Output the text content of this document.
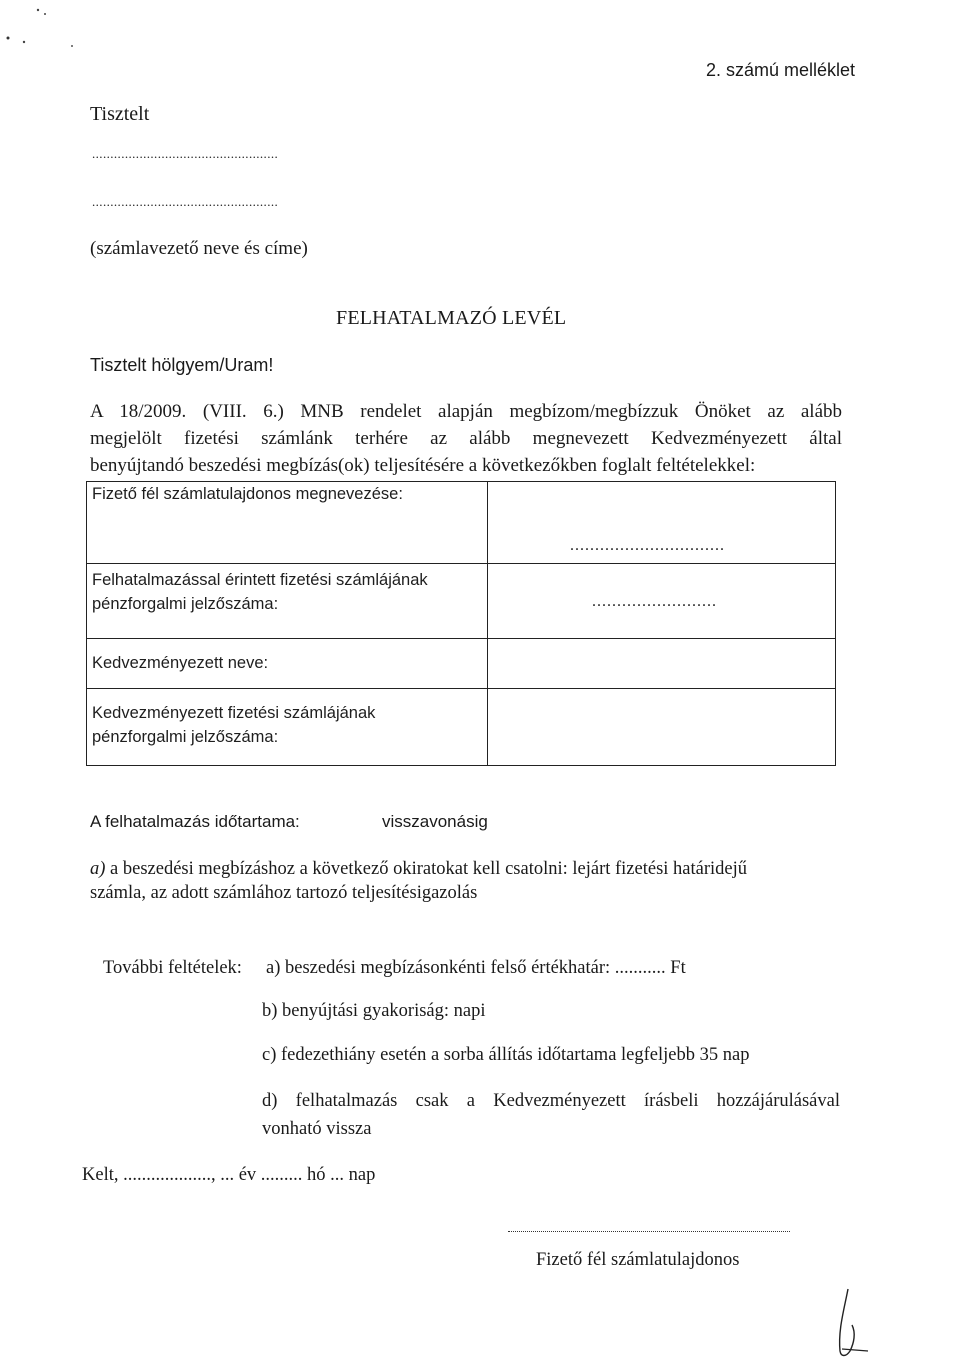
2. számú melléklet
Tisztelt
...................................................
...................................................
(számlavezető neve és címe)
FELHATALMAZÓ LEVÉL
Tisztelt hölgyem/Uram!
A 18/2009. (VIII. 6.) MNB rendelet alapján megbízom/megbízzuk Önöket az alább
megjelölt fizetési számlánk terhére az alább megnevezett Kedvezményezett által
benyújtandó beszedési megbízás(ok) teljesítésére a következőkben foglalt feltételekkel:
Fizető fél számlatulajdonos megnevezése:	...............................

Felhatalmazással érintett fizetési számlájának pénzforgalmi jelzőszáma:	.........................

Kedvezményezett neve:	
Kedvezményezett fizetési számlájának pénzforgalmi jelzőszáma:	
A felhatalmazás időtartama:	visszavonásig
a) a beszedési megbízáshoz a következő okiratokat kell csatolni: lejárt fizetési határidejű
számla, az adott számlához tartozó teljesítésigazolás
További feltételek: a) beszedési megbízásonkénti felső értékhatár: ........... Ft
b) benyújtási gyakoriság: napi
c) fedezethiány esetén a sorba állítás időtartama legfeljebb 35 nap
d) felhatalmazás csak a Kedvezményezett írásbeli hozzájárulásával
vonható vissza
Kelt, ..................., ... év ......... hó ... nap
Fizető fél számlatulajdonos
